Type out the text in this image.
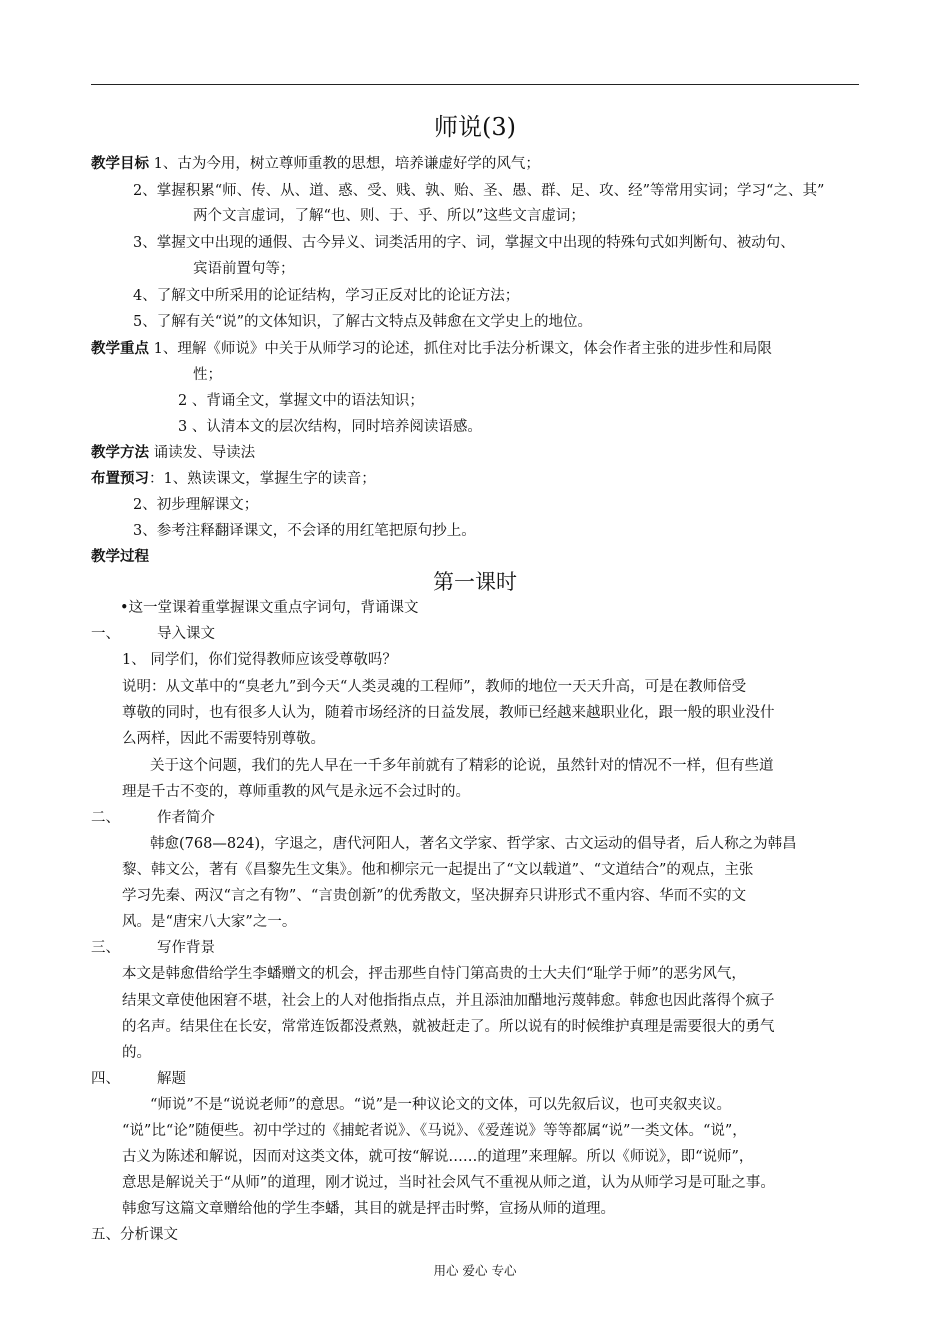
师说(3)
教学目标 1、古为今用，树立尊师重教的思想，培养谦虚好学的风气；
2、掌握积累“师、传、从、道、惑、受、贱、孰、贻、圣、愚、群、足、攻、经”等常用实词；学习“之、其”
两个文言虚词，了解“也、则、于、乎、所以”这些文言虚词；
3、掌握文中出现的通假、古今异义、词类活用的字、词，掌握文中出现的特殊句式如判断句、被动句、
宾语前置句等；
4、了解文中所采用的论证结构，学习正反对比的论证方法；
5、了解有关“说”的文体知识，了解古文特点及韩愈在文学史上的地位。
教学重点 1、理解《师说》中关于从师学习的论述，抓住对比手法分析课文，体会作者主张的进步性和局限
性；
2 、背诵全文，掌握文中的语法知识；
3 、认清本文的层次结构，同时培养阅读语感。
教学方法 诵读发、导读法
布置预习：1、熟读课文，掌握生字的读音；
2、初步理解课文；
3、参考注释翻译课文，不会译的用红笔把原句抄上。
教学过程
第一课时
•这一堂课着重掌握课文重点字词句，背诵课文
一、	导入课文
1、 同学们，你们觉得教师应该受尊敬吗？
说明：从文革中的“臭老九”到今天“人类灵魂的工程师”，教师的地位一天天升高，可是在教师倍受
尊敬的同时，也有很多人认为，随着市场经济的日益发展，教师已经越来越职业化，跟一般的职业没什
么两样，因此不需要特别尊敬。
关于这个问题，我们的先人早在一千多年前就有了精彩的论说，虽然针对的情况不一样，但有些道
理是千古不变的，尊师重教的风气是永远不会过时的。
二、	作者简介
韩愈(768—824)，字退之，唐代河阳人，著名文学家、哲学家、古文运动的倡导者，后人称之为韩昌
黎、韩文公，著有《昌黎先生文集》。他和柳宗元一起提出了“文以载道”、“文道结合”的观点，主张
学习先秦、两汉“言之有物”、“言贵创新”的优秀散文，坚决摒弃只讲形式不重内容、华而不实的文
风。是“唐宋八大家”之一。
三、	写作背景
本文是韩愈借给学生李蟠赠文的机会，抨击那些自恃门第高贵的士大夫们“耻学于师”的恶劣风气，
结果文章使他困窘不堪，社会上的人对他指指点点，并且添油加醋地污蔑韩愈。韩愈也因此落得个疯子
的名声。结果住在长安，常常连饭都没煮熟，就被赶走了。所以说有的时候维护真理是需要很大的勇气
的。
四、	解题
“师说”不是“说说老师”的意思。“说”是一种议论文的文体，可以先叙后议，也可夹叙夹议。
“说”比“论”随便些。初中学过的《捕蛇者说》、《马说》、《爱莲说》等等都属“说”一类文体。“说”，
古义为陈述和解说，因而对这类文体，就可按“解说……的道理”来理解。所以《师说》，即“说师”，
意思是解说关于“从师”的道理，刚才说过，当时社会风气不重视从师之道，认为从师学习是可耻之事。
韩愈写这篇文章赠给他的学生李蟠，其目的就是抨击时弊，宣扬从师的道理。
五、分析课文
用心 爱心 专心
